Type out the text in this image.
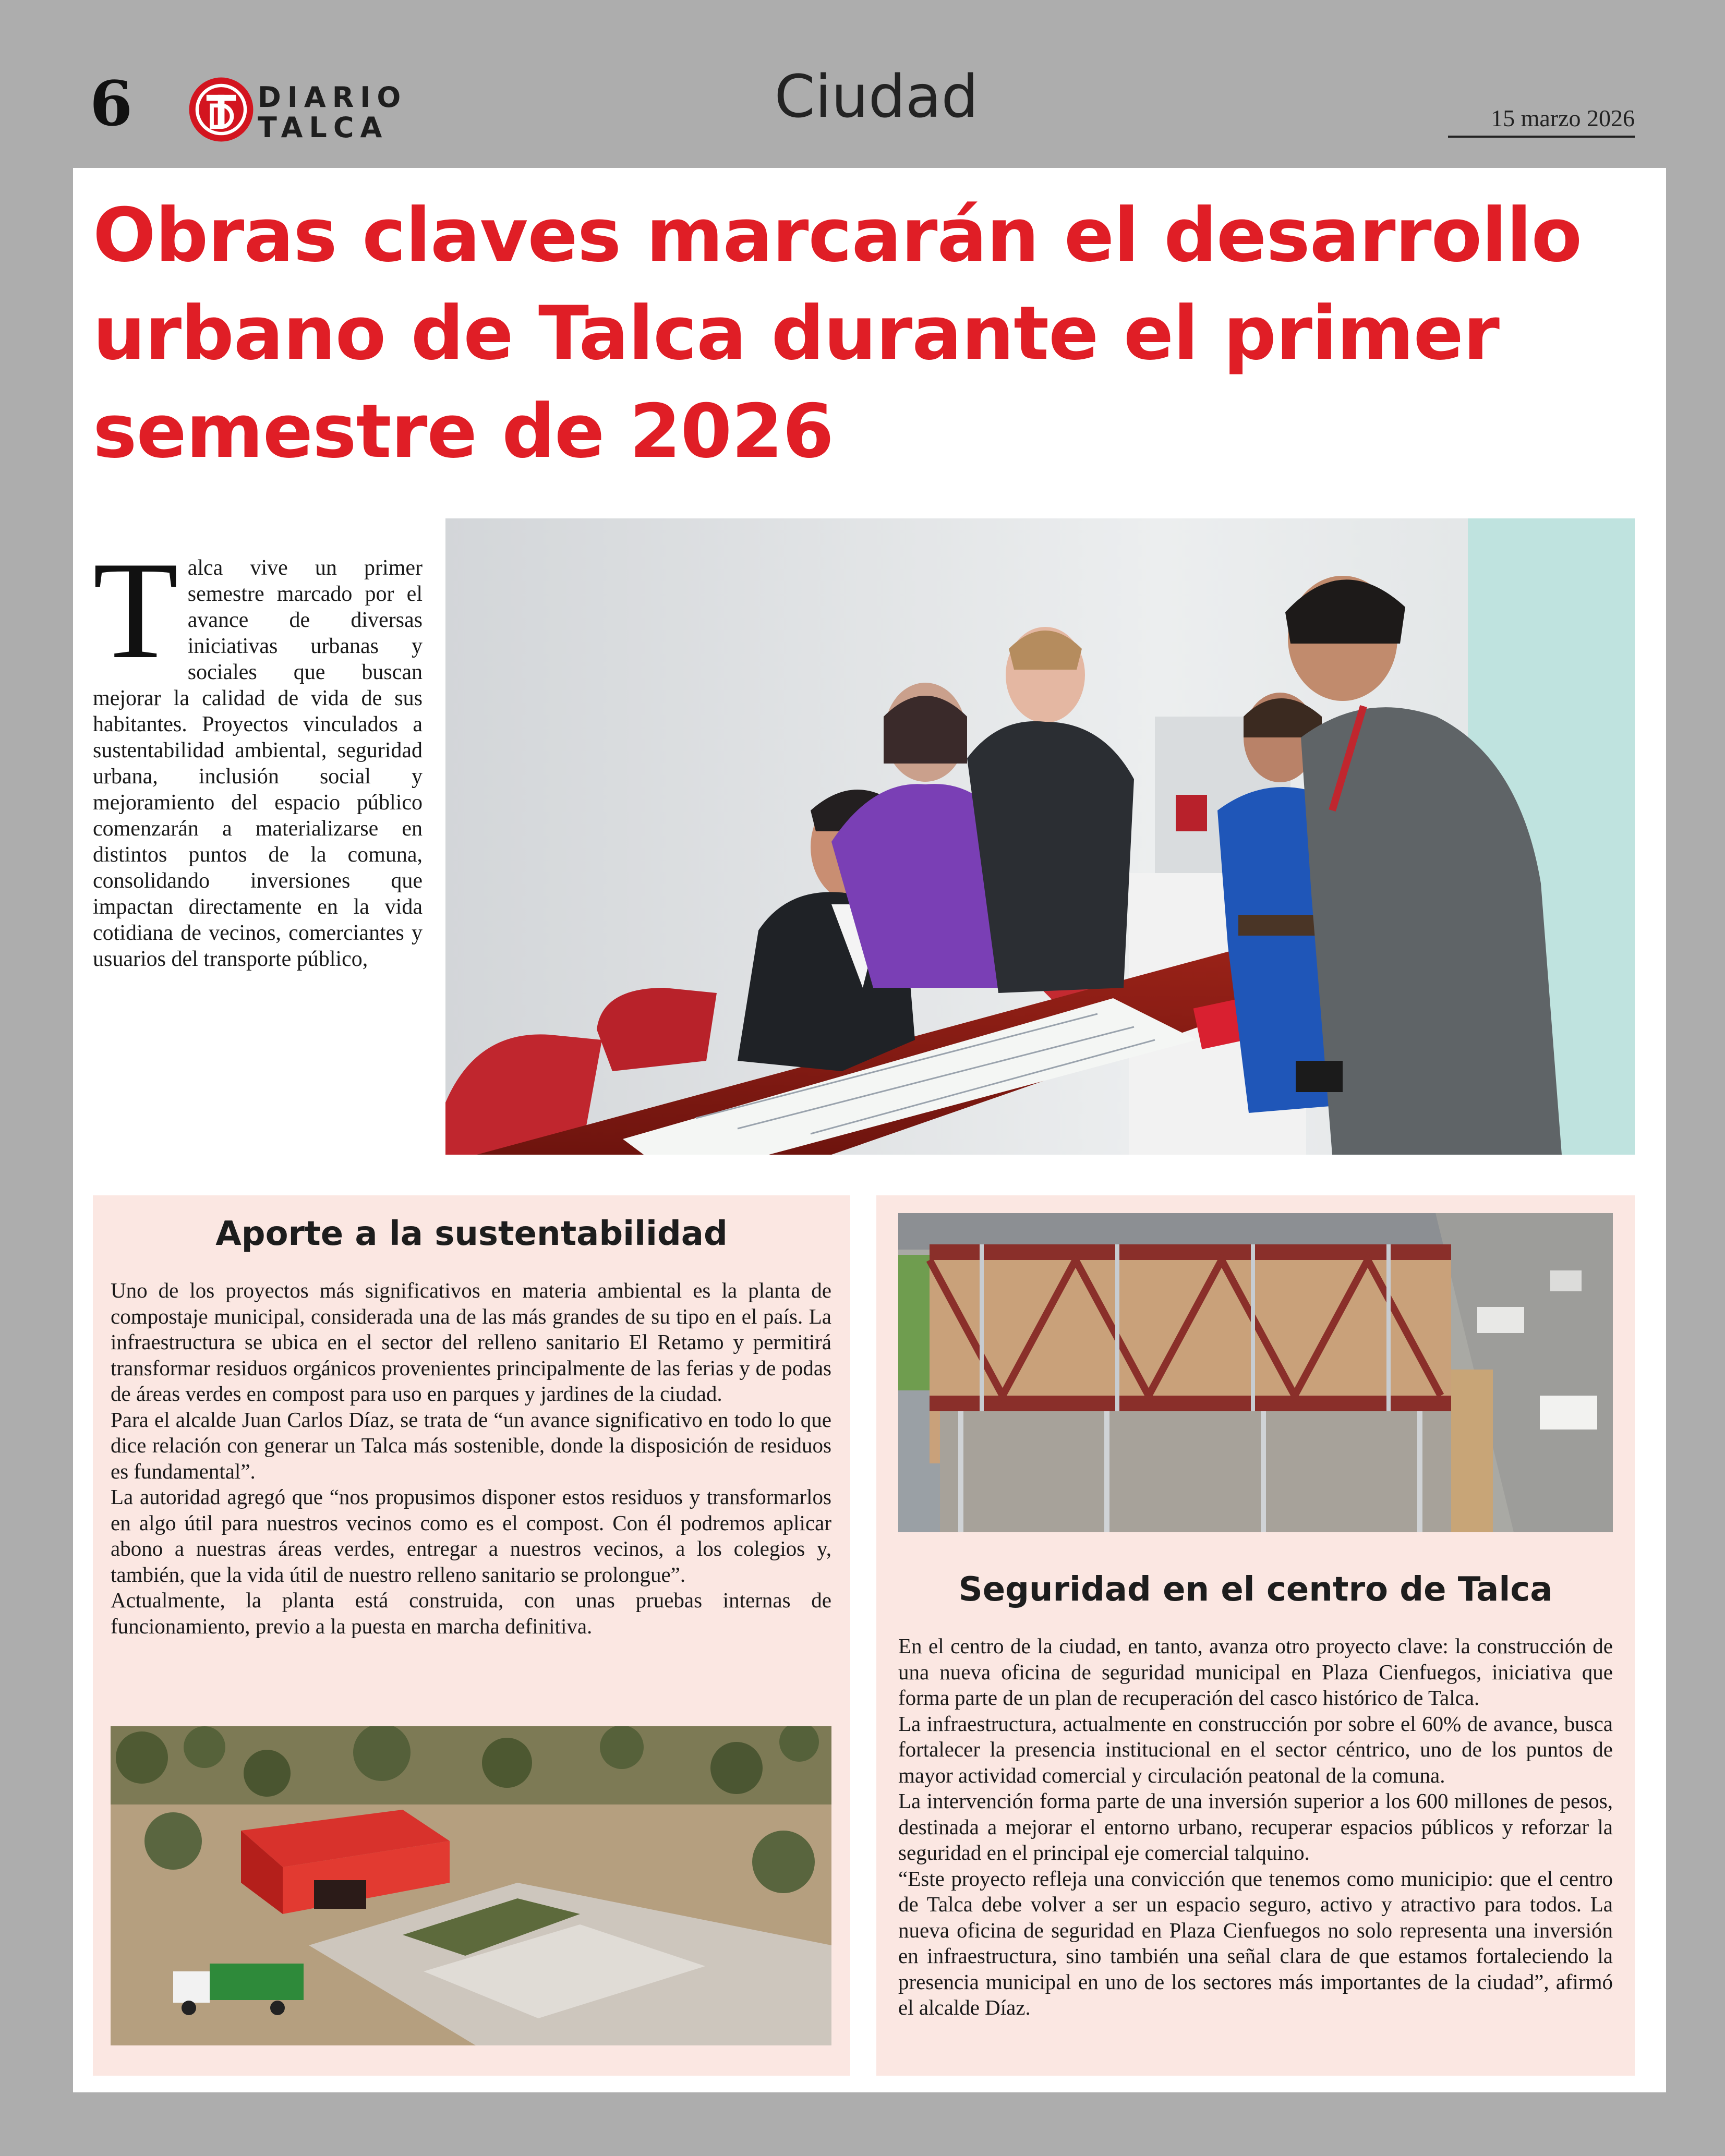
6	DIARIO
TALCA	Ciudad	15 marzo 2026
Obras claves marcarán el desarrollo urbano de Talca durante el primer semestre de 2026

Talca vive un primer semestre marcado por el avance de diversas iniciativas urbanas y sociales que buscan mejorar la calidad de vida de sus habitantes. Proyectos vinculados a sustentabilidad ambiental, seguridad urbana, inclusión social y mejoramiento del espacio público comenzarán a materializarse en distintos puntos de la comuna, consolidando inversiones que impactan directamente en la vida cotidiana de vecinos, comerciantes y usuarios del transporte público,

Aporte a la sustentabilidad

Uno de los proyectos más significativos en materia ambiental es la planta de compostaje municipal, considerada una de las más grandes de su tipo en el país. La infraestructura se ubica en el sector del relleno sanitario El Retamo y permitirá transformar residuos orgánicos provenientes principalmente de las ferias y de podas de áreas verdes en compost para uso en parques y jardines de la ciudad.

Para el alcalde Juan Carlos Díaz, se trata de “un avance significativo en todo lo que dice relación con generar un Talca más sostenible, donde la disposición de residuos es fundamental”.

La autoridad agregó que “nos propusimos disponer estos residuos y transformarlos en algo útil para nuestros vecinos como es el compost. Con él podremos aplicar abono a nuestras áreas verdes, entregar a nuestros vecinos, a los colegios y, también, que la vida útil de nuestro relleno sanitario se prolongue”.

Actualmente, la planta está construida, con unas pruebas internas de funcionamiento, previo a la puesta en marcha definitiva.

Seguridad en el centro de Talca

En el centro de la ciudad, en tanto, avanza otro proyecto clave: la construcción de una nueva oficina de seguridad municipal en Plaza Cienfuegos, iniciativa que forma parte de un plan de recuperación del casco histórico de Talca.

La infraestructura, actualmente en construcción por sobre el 60% de avance, busca fortalecer la presencia institucional en el sector céntrico, uno de los puntos de mayor actividad comercial y circulación peatonal de la comuna.

La intervención forma parte de una inversión superior a los 600 millones de pesos, destinada a mejorar el entorno urbano, recuperar espacios públicos y reforzar la seguridad en el principal eje comercial talquino.

“Este proyecto refleja una convicción que tenemos como municipio: que el centro de Talca debe volver a ser un espacio seguro, activo y atractivo para todos. La nueva oficina de seguridad en Plaza Cienfuegos no solo representa una inversión en infraestructura, sino también una señal clara de que estamos fortaleciendo la presencia municipal en uno de los sectores más importantes de la ciudad”, afirmó el alcalde Díaz.
